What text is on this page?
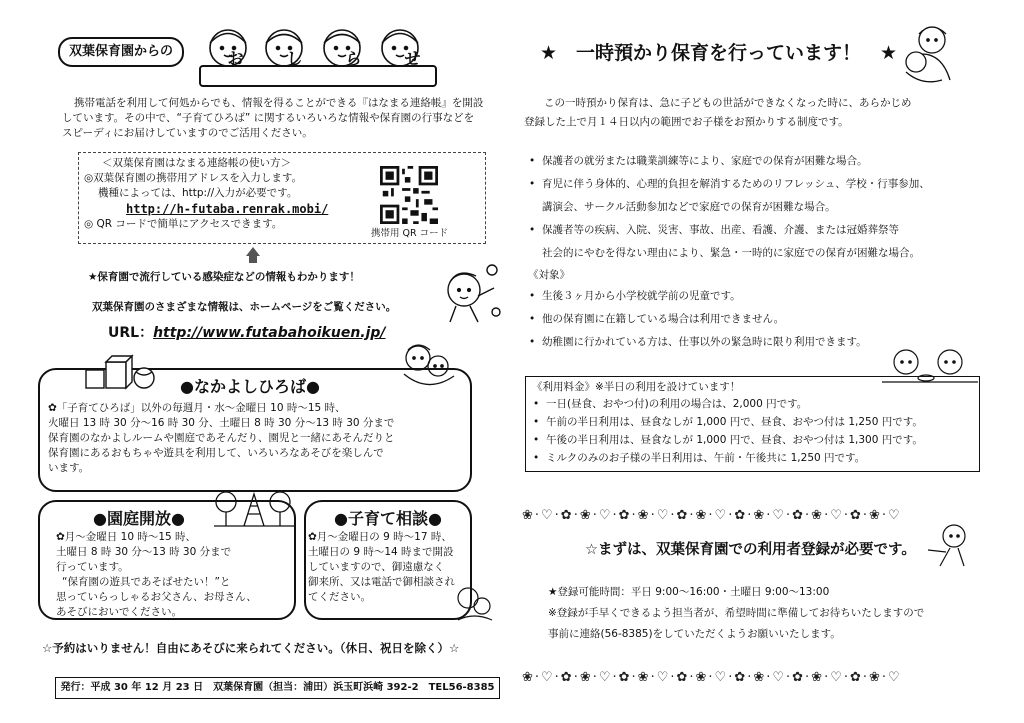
双葉保育園からの	お	し	ら	せ
携帯電話を利用して何処からでも、情報を得ることができる『はなまる連絡帳』を開設
しています。その中で、“子育てひろば” に関するいろいろな情報や保育園の行事などを
スピーディにお届けしていますのでご活用ください。
＜双葉保育園はなまる連絡帳の使い方＞
◎双葉保育園の携帯用アドレスを入力します。
機種によっては、http://入力が必要です。
http://h-futaba.renrak.mobi/
◎ QR コードで簡単にアクセスできます。
携帯用 QR コード
★保育園で流行している感染症などの情報もわかります！
双葉保育園のさまざまな情報は、ホームページをご覧ください。
URL：http://www.futabahoikuen.jp/
●なかよしひろば●
✿「子育てひろば」以外の毎週月・水～金曜日 10 時～15 時、
火曜日 13 時 30 分～16 時 30 分、土曜日 8 時 30 分～13 時 30 分まで
保育園のなかよしルームや園庭であそんだり、園児と一緒にあそんだりと
保育園にあるおもちゃや遊具を利用して、いろいろなあそびを楽しんで
います。
●園庭開放●
✿月～金曜日 10 時～15 時、
土曜日 8 時 30 分～13 時 30 分まで
行っています。
“保育園の遊具であそばせたい！”と
思っていらっしゃるお父さん、お母さん、
あそびにおいでください。
●子育て相談●
✿月～金曜日の 9 時～17 時、
土曜日の 9 時～14 時まで開設
していますので、御遠慮なく
御来所、又は電話で御相談され
てください。
☆予約はいりません！自由にあそびに来られてください。（休日、祝日を除く）☆
発行：平成 30 年 12 月 23 日　双葉保育園（担当：浦田）浜玉町浜崎 392-2　TEL56-8385
★　一時預かり保育を行っています！　★
この一時預かり保育は、急に子どもの世話ができなくなった時に、あらかじめ
登録した上で月１４日以内の範囲でお子様をお預かりする制度です。
• 保護者の就労または職業訓練等により、家庭での保育が困難な場合。
• 育児に伴う身体的、心理的負担を解消するためのリフレッシュ、学校・行事参加、
講演会、サークル活動参加などで家庭での保育が困難な場合。
• 保護者等の疾病、入院、災害、事故、出産、看護、介護、または冠婚葬祭等
社会的にやむを得ない理由により、緊急・一時的に家庭での保育が困難な場合。
《対象》
• 生後３ヶ月から小学校就学前の児童です。
• 他の保育園に在籍している場合は利用できません。
• 幼稚園に行かれている方は、仕事以外の緊急時に限り利用できます。
《利用料金》※半日の利用を設けています！
• 一日(昼食、おやつ付)の利用の場合は、2,000 円です。
• 午前の半日利用は、昼食なしが 1,000 円で、昼食、おやつ付は 1,250 円です。
• 午後の半日利用は、昼食なしが 1,000 円で、昼食、おやつ付は 1,300 円です。
• ミルクのみのお子様の半日利用は、午前・午後共に 1,250 円です。
❀·♡·✿·❀·♡·✿·❀·♡·✿·❀·♡·✿·❀·♡·✿·❀·♡·✿·❀·♡
☆まずは、双葉保育園での利用者登録が必要です。
★登録可能時間：平日 9:00～16:00・土曜日 9:00～13:00
※登録が手早くできるよう担当者が、希望時間に準備してお待ちいたしますので
事前に連絡(56-8385)をしていただくようお願いいたします。
❀·♡·✿·❀·♡·✿·❀·♡·✿·❀·♡·✿·❀·♡·✿·❀·♡·✿·❀·♡
